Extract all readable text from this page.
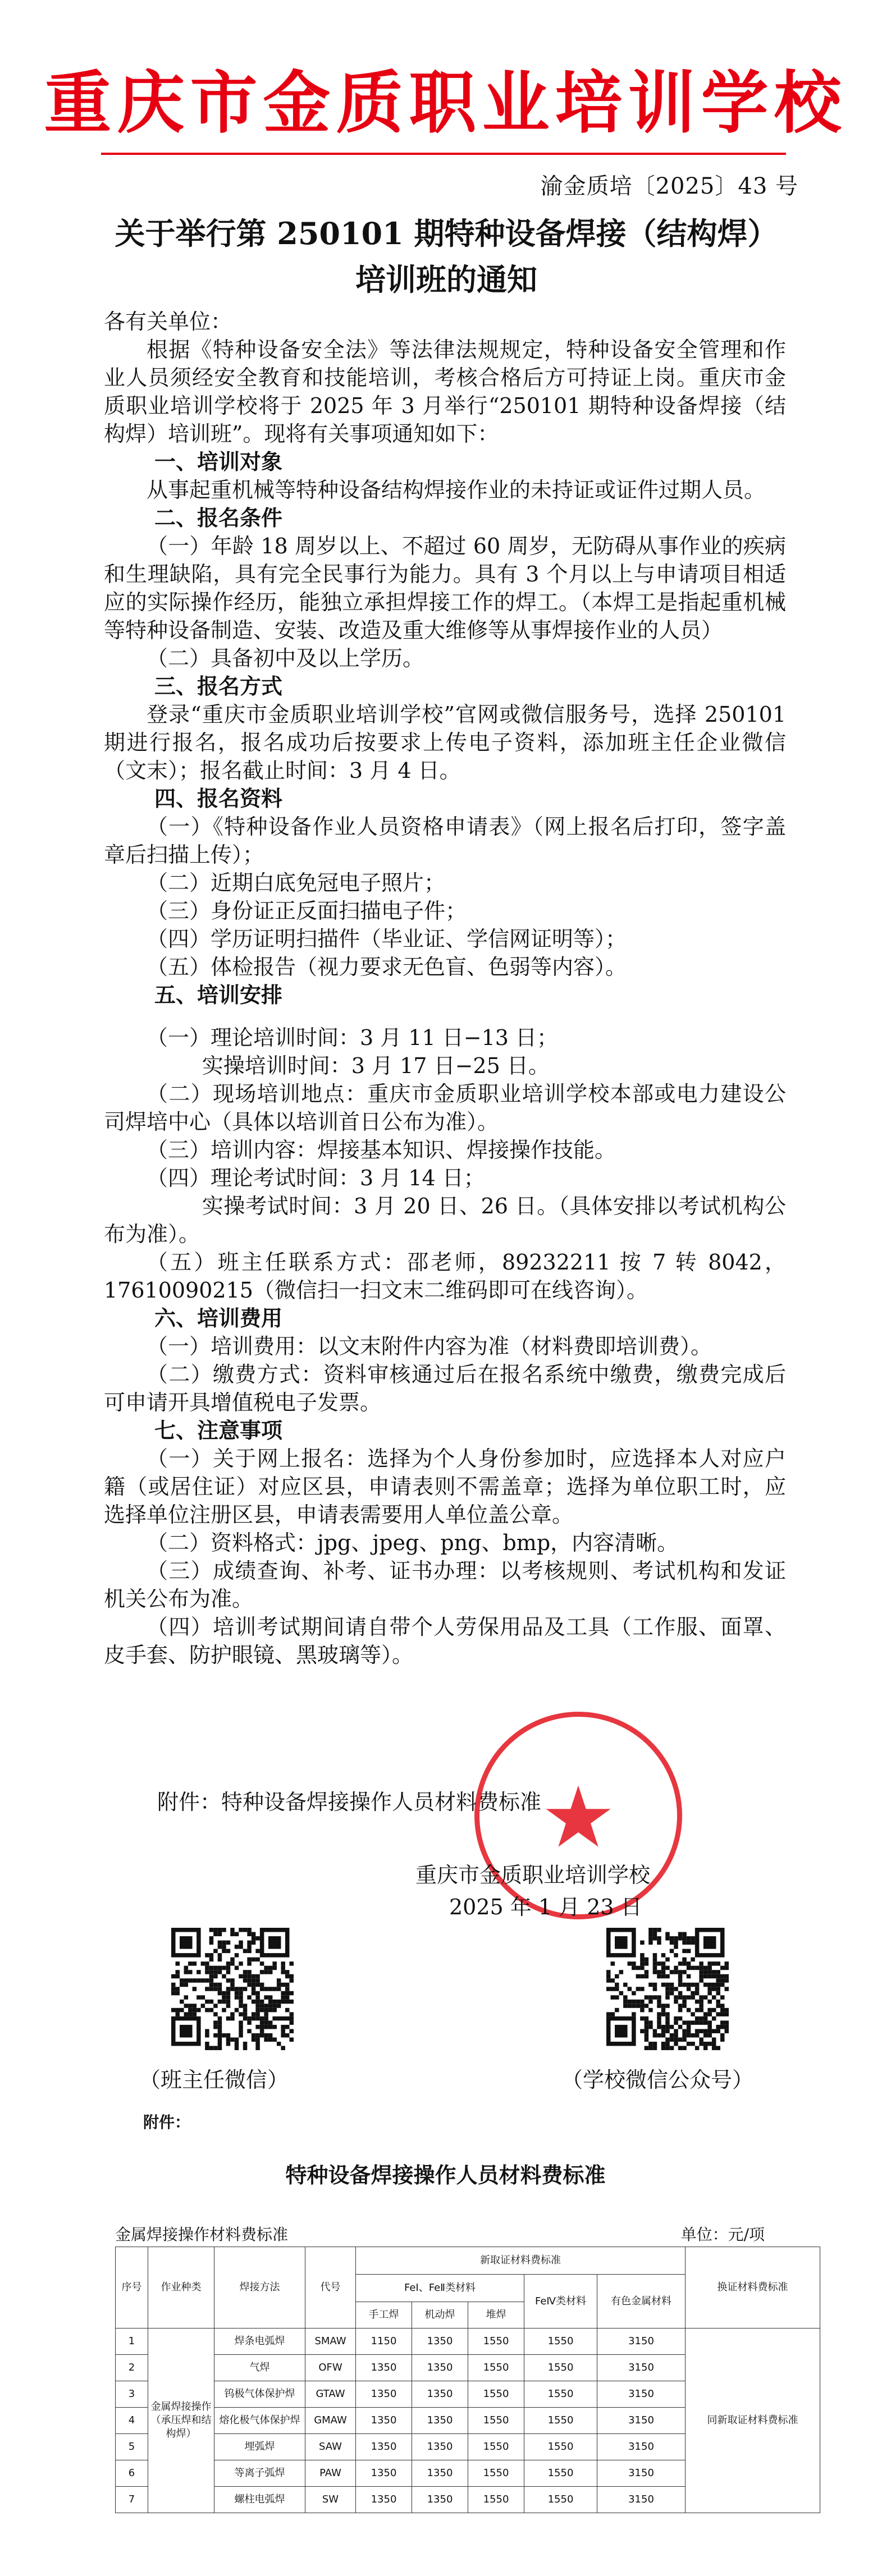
重庆市金质职业培训学校
渝金质培〔2025〕43 号
关于举行第 250101 期特种设备焊接（结构焊）
培训班的通知

各有关单位：

根据《特种设备安全法》等法律法规规定，特种设备安全管理和作业人员须经安全教育和技能培训，考核合格后方可持证上岗。重庆市金质职业培训学校将于 2025 年 3 月举行“250101 期特种设备焊接（结构焊）培训班”。现将有关事项通知如下：

一、培训对象

从事起重机械等特种设备结构焊接作业的未持证或证件过期人员。

二、报名条件

（一）年龄 18 周岁以上、不超过 60 周岁，无防碍从事作业的疾病和生理缺陷，具有完全民事行为能力。具有 3 个月以上与申请项目相适应的实际操作经历，能独立承担焊接工作的焊工。（本焊工是指起重机械等特种设备制造、安装、改造及重大维修等从事焊接作业的人员）

（二）具备初中及以上学历。

三、报名方式

登录“重庆市金质职业培训学校”官网或微信服务号，选择 250101 期进行报名，报名成功后按要求上传电子资料，添加班主任企业微信（文末）；报名截止时间：3 月 4 日。

四、报名资料

（一）《特种设备作业人员资格申请表》（网上报名后打印，签字盖章后扫描上传）；

（二）近期白底免冠电子照片；

（三）身份证正反面扫描电子件；

（四）学历证明扫描件（毕业证、学信网证明等）；

（五）体检报告（视力要求无色盲、色弱等内容）。

五、培训安排

（一）理论培训时间：3 月 11 日−13 日；

实操培训时间：3 月 17 日−25 日。

（二）现场培训地点：重庆市金质职业培训学校本部或电力建设公司焊培中心（具体以培训首日公布为准）。

（三）培训内容：焊接基本知识、焊接操作技能。

（四）理论考试时间：3 月 14 日；

实操考试时间：3 月 20 日、26 日。（具体安排以考试机构公布为准）。

（五）班主任联系方式：邵老师，89232211 按 7 转 8042，17610090215（微信扫一扫文末二维码即可在线咨询）。

六、培训费用

（一）培训费用：以文末附件内容为准（材料费即培训费）。

（二）缴费方式：资料审核通过后在报名系统中缴费，缴费完成后可申请开具增值税电子发票。

七、注意事项

（一）关于网上报名：选择为个人身份参加时，应选择本人对应户籍（或居住证）对应区县，申请表则不需盖章；选择为单位职工时，应选择单位注册区县，申请表需要用人单位盖公章。

（二）资料格式：jpg、jpeg、png、bmp，内容清晰。

（三）成绩查询、补考、证书办理：以考核规则、考试机构和发证机关公布为准。

（四）培训考试期间请自带个人劳保用品及工具（工作服、面罩、皮手套、防护眼镜、黑玻璃等）。

附件：特种设备焊接操作人员材料费标准
★
重庆市金质职业培训学校
2025 年 1 月 23 日
（班主任微信）	（学校微信公众号）
附件：
特种设备焊接操作人员材料费标准
金属焊接操作材料费标准	单位：元/项
序号	作业种类	焊接方法	代号	新取证材料费标准					换证材料费标准
				FeⅠ、FeⅡ类材料			FeⅣ类材料	有色金属材料	
				手工焊	机动焊	堆焊			
1	金属焊接操作（承压焊和结构焊）	焊条电弧焊	SMAW	1150	1350	1550	1550	3150	同新取证材料费标准
2		气焊	OFW	1350	1350	1550	1550	3150	
3		钨极气体保护焊	GTAW	1350	1350	1550	1550	3150	
4		熔化极气体保护焊	GMAW	1350	1350	1550	1550	3150	
5		埋弧焊	SAW	1350	1350	1550	1550	3150	
6		等离子弧焊	PAW	1350	1350	1550	1550	3150	
7		螺柱电弧焊	SW	1350	1350	1550	1550	3150	
